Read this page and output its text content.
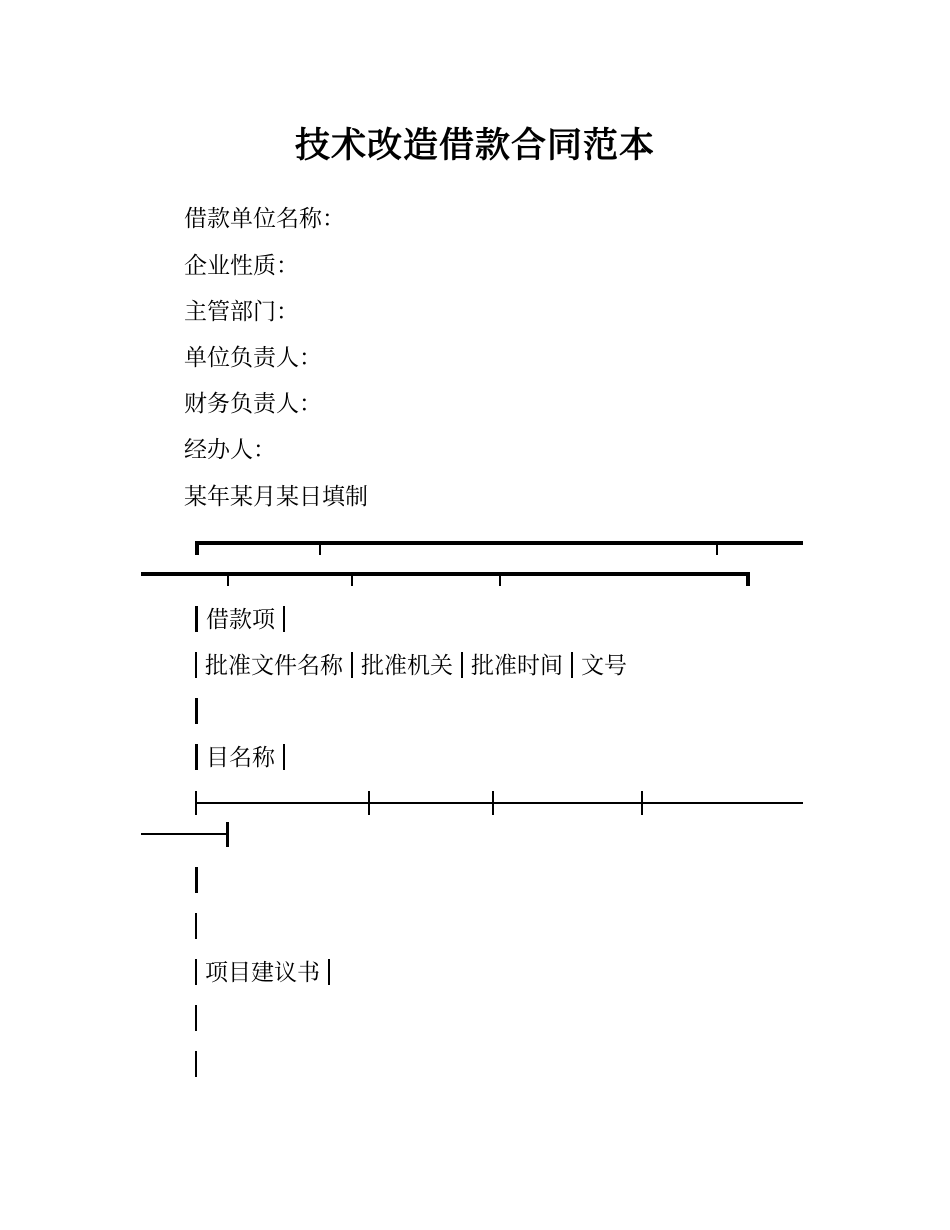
技术改造借款合同范本
借款单位名称：
企业性质：
主管部门：
单位负责人：
财务负责人：
经办人：
某年某月某日填制
借款项
批准文件名称 批准机关 批准时间 文号
目名称
项目建议书
